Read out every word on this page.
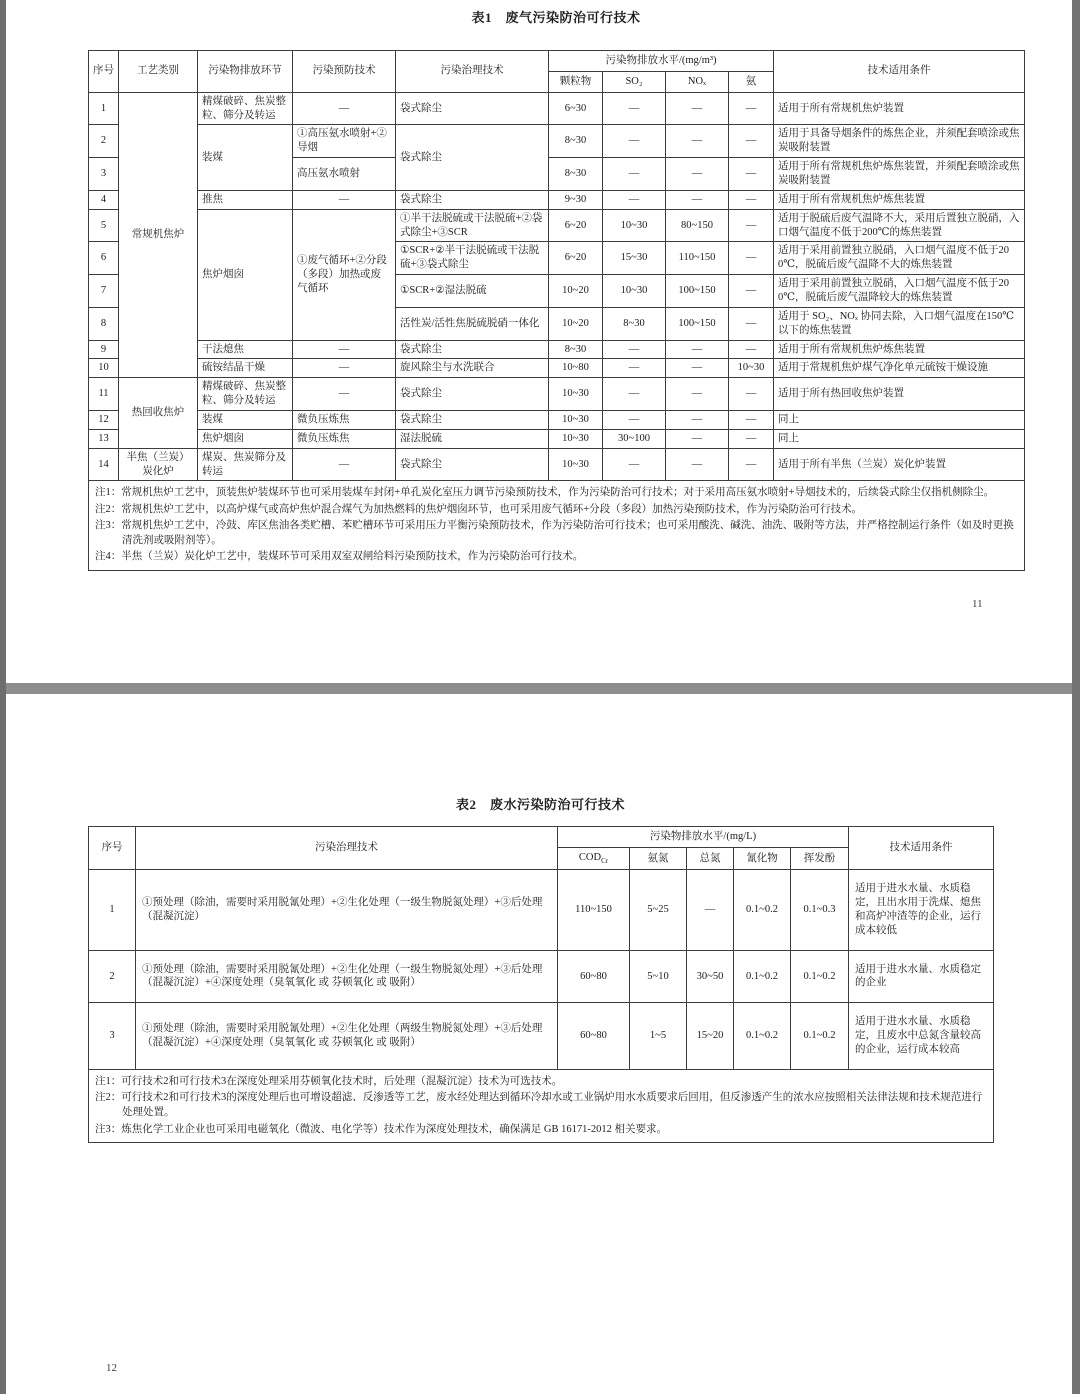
表1　废气污染防治可行技术
序号	工艺类别	污染物排放环节	污染预防技术	污染治理技术	污染物排放水平/(mg/m³)				技术适用条件
					颗粒物	SO₂	NOₓ	氨	
1	常规机焦炉	精煤破碎、焦炭整粒、筛分及转运	—	袋式除尘	6~30	—	—	—	适用于所有常规机焦炉装置
2		装煤	①高压氨水喷射+②导烟	袋式除尘	8~30	—	—	—	适用于具备导烟条件的炼焦企业，并须配套喷涂或焦炭吸附装置
3			高压氨水喷射		8~30	—	—	—	适用于所有常规机焦炉炼焦装置，并须配套喷涂或焦炭吸附装置
4		推焦	—	袋式除尘	9~30	—	—	—	适用于所有常规机焦炉炼焦装置
5		焦炉烟囱	①废气循环+②分段（多段）加热或废气循环	①半干法脱硫或干法脱硫+②袋式除尘+③SCR	6~20	10~30	80~150	—	适用于脱硫后废气温降不大，采用后置独立脱硝，入口烟气温度不低于200℃的炼焦装置
6				①SCR+②半干法脱硫或干法脱硫+③袋式除尘	6~20	15~30	110~150	—	适用于采用前置独立脱硝，入口烟气温度不低于200℃，脱硫后废气温降不大的炼焦装置
7				①SCR+②湿法脱硫	10~20	10~30	100~150	—	适用于采用前置独立脱硝，入口烟气温度不低于200℃，脱硫后废气温降较大的炼焦装置
8				活性炭/活性焦脱硫脱硝一体化	10~20	8~30	100~150	—	适用于 SO₂、NOₓ 协同去除，入口烟气温度在150℃以下的炼焦装置
9		干法熄焦	—	袋式除尘	8~30	—	—	—	适用于所有常规机焦炉炼焦装置
10		硫铵结晶干燥	—	旋风除尘与水洗联合	10~80	—	—	10~30	适用于常规机焦炉煤气净化单元硫铵干燥设施
11	热回收焦炉	精煤破碎、焦炭整粒、筛分及转运	—	袋式除尘	10~30	—	—	—	适用于所有热回收焦炉装置
12		装煤	微负压炼焦	袋式除尘	10~30	—	—	—	同上
13		焦炉烟囱	微负压炼焦	湿法脱硫	10~30	30~100	—	—	同上
14	半焦（兰炭）炭化炉	煤炭、焦炭筛分及转运	—	袋式除尘	10~30	—	—	—	适用于所有半焦（兰炭）炭化炉装置

注1：常规机焦炉工艺中，顶装焦炉装煤环节也可采用装煤车封闭+单孔炭化室压力调节污染预防技术，作为污染防治可行技术；对于采用高压氨水喷射+导烟技术的，后续袋式除尘仅指机侧除尘。
注2：常规机焦炉工艺中，以高炉煤气或高炉焦炉混合煤气为加热燃料的焦炉烟囱环节，也可采用废气循环+分段（多段）加热污染预防技术，作为污染防治可行技术。
注3：常规机焦炉工艺中，冷鼓、库区焦油各类贮槽、苯贮槽环节可采用压力平衡污染预防技术，作为污染防治可行技术；也可采用酸洗、碱洗、油洗、吸附等方法，并严格控制运行条件（如及时更换清洗剂或吸附剂等）。
注4：半焦（兰炭）炭化炉工艺中，装煤环节可采用双室双闸给料污染预防技术，作为污染防治可行技术。									
11
表2　废水污染防治可行技术
序号	污染治理技术	污染物排放水平/(mg/L)					技术适用条件
		$COD_{Cr}$	氨氮	总氮	氰化物	挥发酚	
1	①预处理（除油，需要时采用脱氰处理）+②生化处理（一级生物脱氮处理）+③后处理（混凝沉淀）	110~150	5~25	—	0.1~0.2	0.1~0.3	适用于进水水量、水质稳定，且出水用于洗煤、熄焦和高炉冲渣等的企业，运行成本较低
2	①预处理（除油，需要时采用脱氰处理）+②生化处理（一级生物脱氮处理）+③后处理（混凝沉淀）+④深度处理（臭氧氧化 或 芬顿氧化 或 吸附）	60~80	5~10	30~50	0.1~0.2	0.1~0.2	适用于进水水量、水质稳定的企业
3	①预处理（除油，需要时采用脱氰处理）+②生化处理（两级生物脱氮处理）+③后处理（混凝沉淀）+④深度处理（臭氧氧化 或 芬顿氧化 或 吸附）	60~80	1~5	15~20	0.1~0.2	0.1~0.2	适用于进水水量、水质稳定，且废水中总氮含量较高的企业，运行成本较高

注1：可行技术2和可行技术3在深度处理采用芬顿氧化技术时，后处理（混凝沉淀）技术为可选技术。
注2：可行技术2和可行技术3的深度处理后也可增设超滤、反渗透等工艺，废水经处理达到循环冷却水或工业锅炉用水水质要求后回用，但反渗透产生的浓水应按照相关法律法规和技术规范进行处理处置。
注3：炼焦化学工业企业也可采用电磁氧化（微波、电化学等）技术作为深度处理技术，确保满足 GB 16171-2012 相关要求。							
12
